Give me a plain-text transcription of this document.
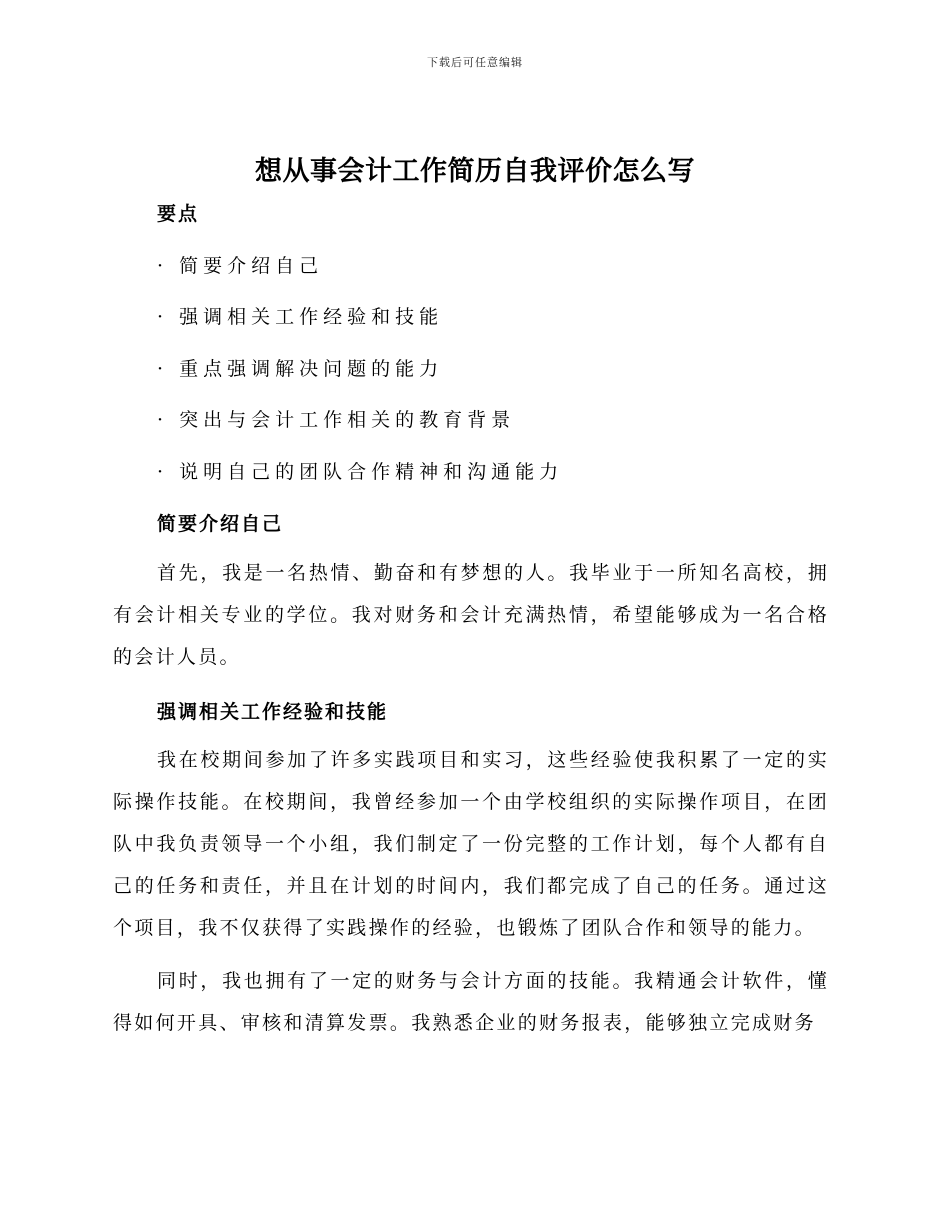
下载后可任意编辑
想从事会计工作简历自我评价怎么写
要点

· 简要介绍自己

· 强调相关工作经验和技能

· 重点强调解决问题的能力

· 突出与会计工作相关的教育背景

· 说明自己的团队合作精神和沟通能力

简要介绍自己

首先，我是一名热情、勤奋和有梦想的人。我毕业于一所知名高校，拥有会计相关专业的学位。我对财务和会计充满热情，希望能够成为一名合格的会计人员。

强调相关工作经验和技能

我在校期间参加了许多实践项目和实习，这些经验使我积累了一定的实际操作技能。在校期间，我曾经参加一个由学校组织的实际操作项目，在团队中我负责领导一个小组，我们制定了一份完整的工作计划，每个人都有自己的任务和责任，并且在计划的时间内，我们都完成了自己的任务。通过这个项目，我不仅获得了实践操作的经验，也锻炼了团队合作和领导的能力。

同时，我也拥有了一定的财务与会计方面的技能。我精通会计软件，懂得如何开具、审核和清算发票。我熟悉企业的财务报表，能够独立完成财务
